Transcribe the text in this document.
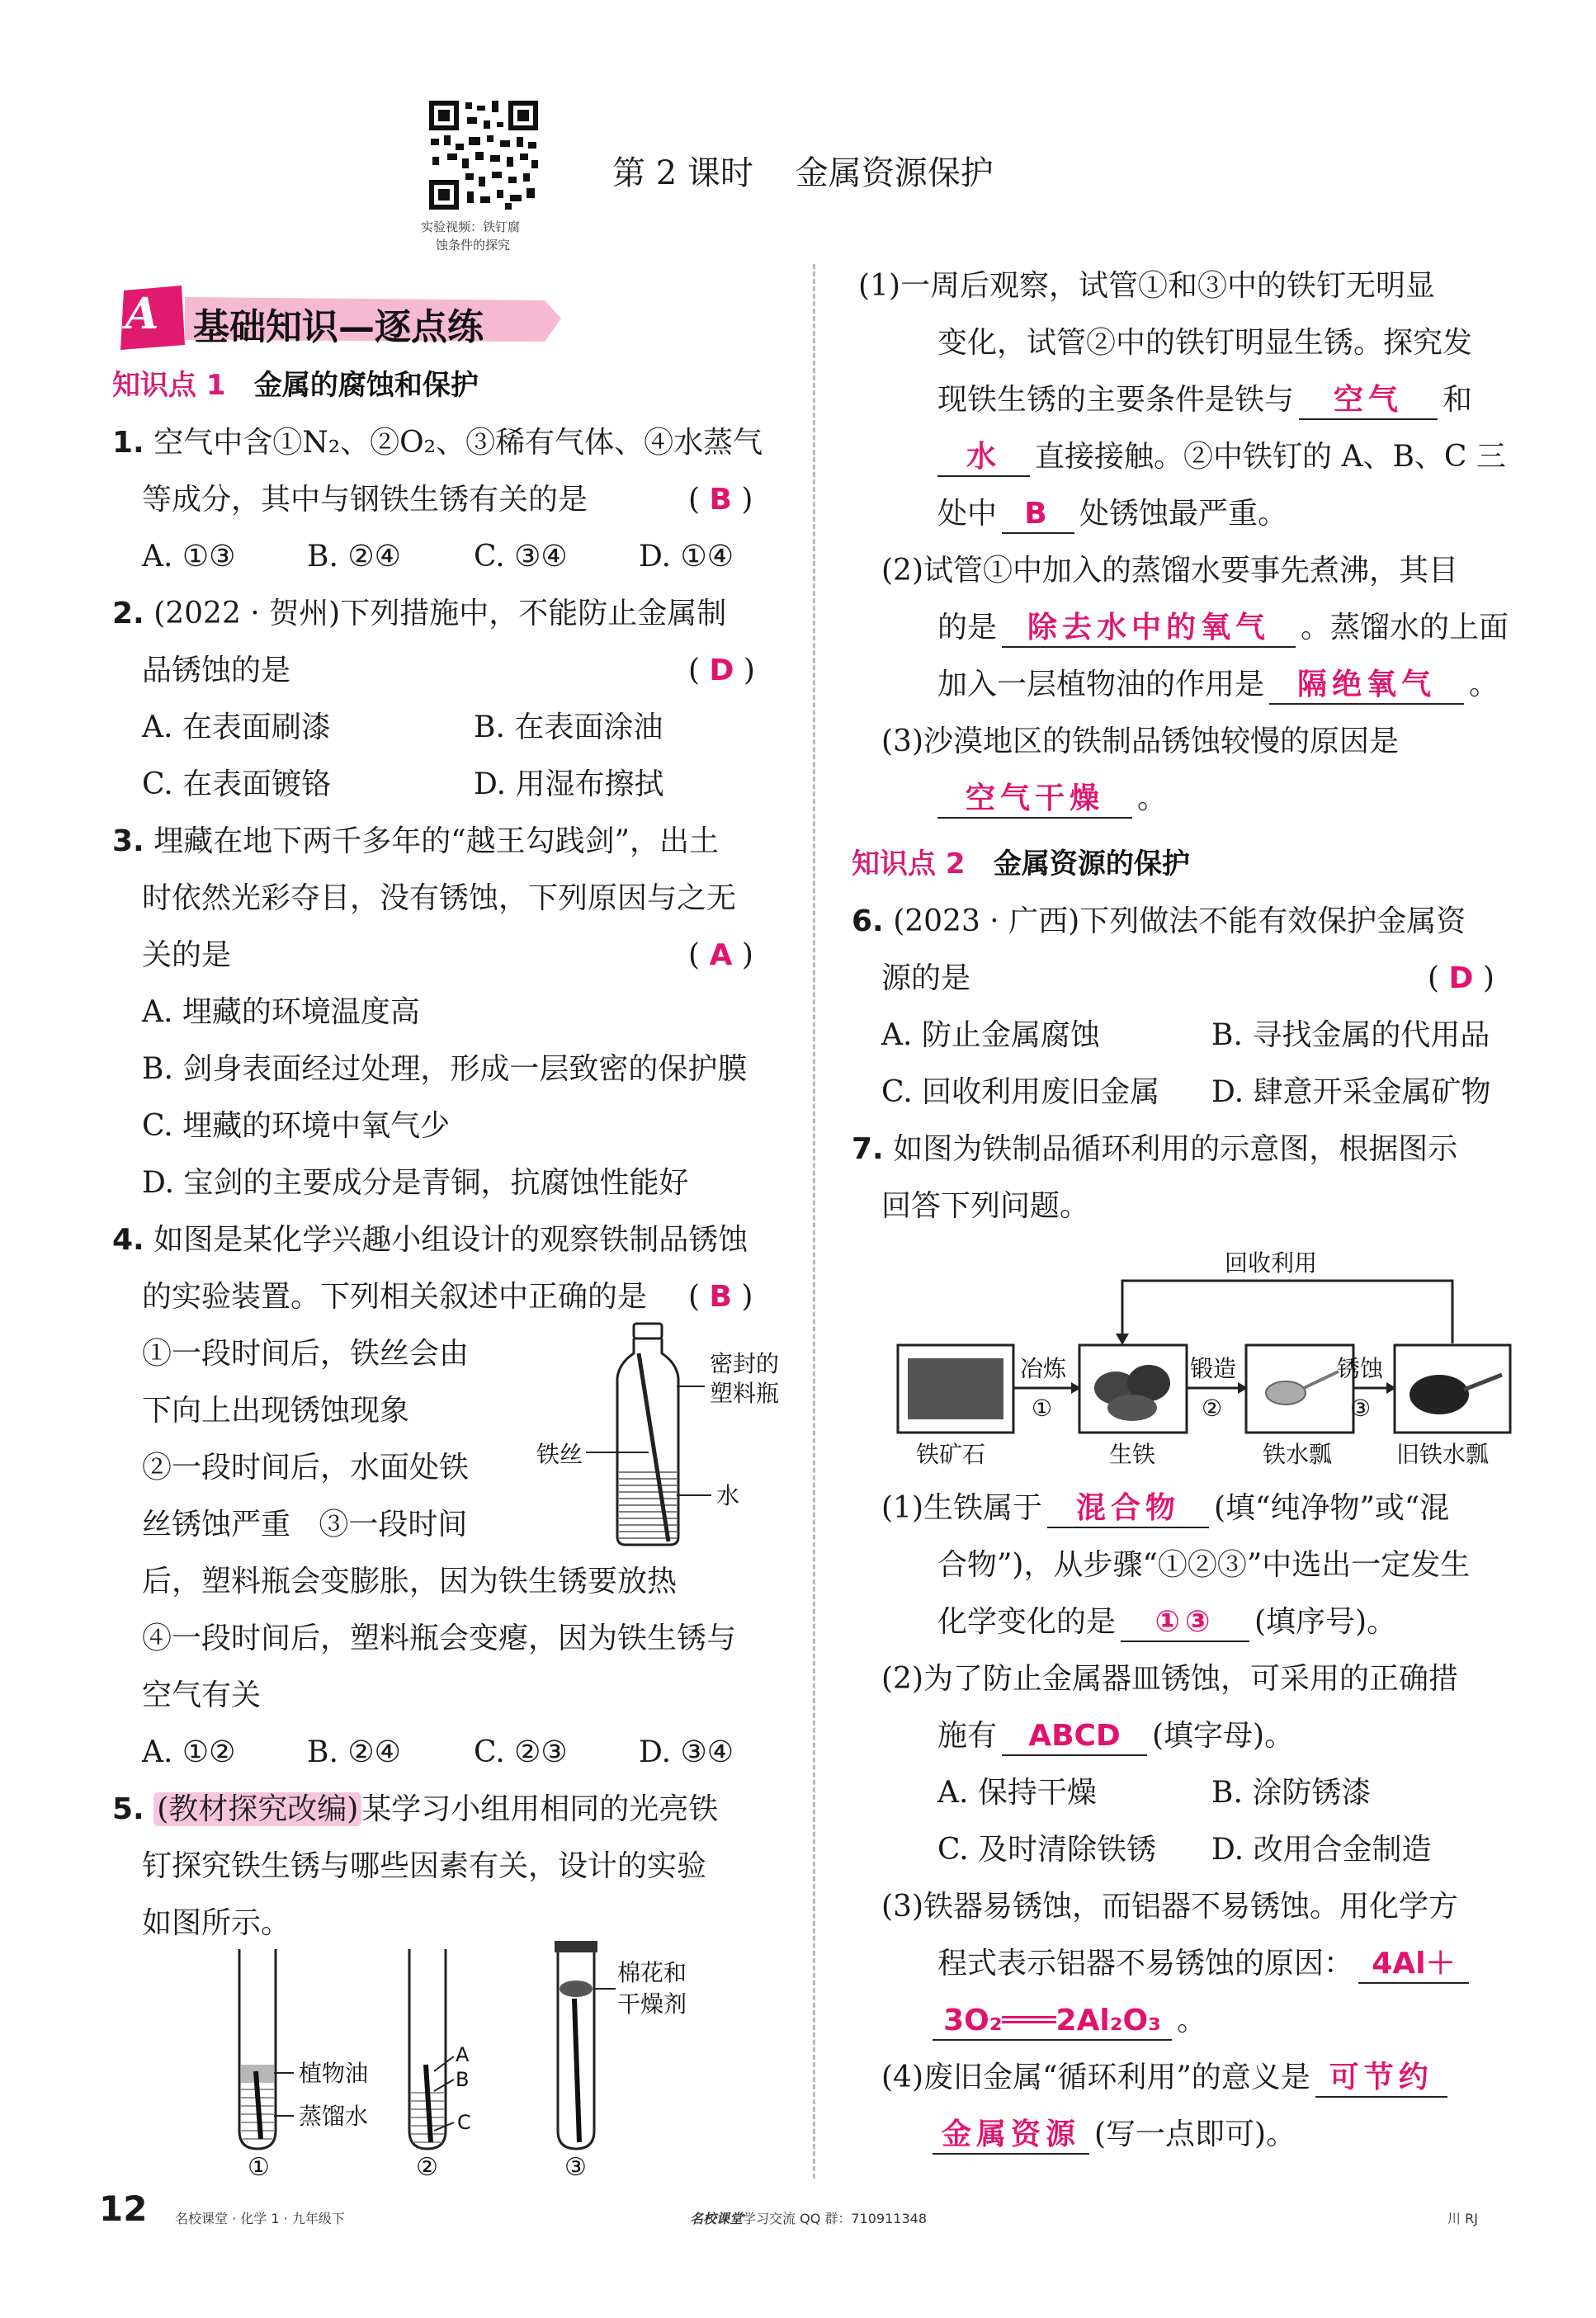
实验视频：铁钉腐
蚀条件的探究
第 2 课时    金属资源保护
A 基础知识—逐点练
知识点 1 金属的腐蚀和保护
1. 空气中含①N₂、②O₂、③稀有气体、④水蒸气
等成分，其中与钢铁生锈有关的是	( B )
A. ①③ B. ②④ C. ③④ D. ①④
2. (2022 · 贺州)下列措施中，不能防止金属制
品锈蚀的是	( D )
A. 在表面刷漆	B. 在表面涂油
C. 在表面镀铬	D. 用湿布擦拭
3. 埋藏在地下两千多年的“越王勾践剑”，出土
时依然光彩夺目，没有锈蚀，下列原因与之无
关的是	( A )
A. 埋藏的环境温度高
B. 剑身表面经过处理，形成一层致密的保护膜
C. 埋藏的环境中氧气少
D. 宝剑的主要成分是青铜，抗腐蚀性能好
4. 如图是某化学兴趣小组设计的观察铁制品锈蚀
的实验装置。下列相关叙述中正确的是 ( B )
①一段时间后，铁丝会由
下向上出现锈蚀现象
②一段时间后，水面处铁
丝锈蚀严重   ③一段时间
后，塑料瓶会变膨胀，因为铁生锈要放热
④一段时间后，塑料瓶会变瘪，因为铁生锈与
空气有关
A. ①② B. ②④ C. ②③ D. ③④
密封的
塑料瓶
铁丝
水
5. (教材探究改编) 某学习小组用相同的光亮铁
钉探究铁生锈与哪些因素有关，设计的实验
如图所示。
植物油
蒸馏水
①
A
B
C
②
棉花和
干燥剂
③
(1)一周后观察，试管①和③中的铁钉无明显
变化，试管②中的铁钉明显生锈。探究发
现铁生锈的主要条件是铁与 空气 和
水 直接接触。②中铁钉的 A、B、C 三
处中 B 处锈蚀最严重。
(2)试管①中加入的蒸馏水要事先煮沸，其目
的是 除去水中的氧气 。蒸馏水的上面
加入一层植物油的作用是 隔绝氧气 。
(3)沙漠地区的铁制品锈蚀较慢的原因是
空气干燥 。
知识点 2 金属资源的保护
6. (2023 · 广西)下列做法不能有效保护金属资
源的是	( D )
A. 防止金属腐蚀	B. 寻找金属的代用品
C. 回收利用废旧金属 D. 肆意开采金属矿物
7. 如图为铁制品循环利用的示意图，根据图示
回答下列问题。
回收利用
冶炼
①
锻造
②
锈蚀
③
铁矿石	生铁	铁水瓢	旧铁水瓢
(1)生铁属于 混合物 (填“纯净物”或“混
合物”)，从步骤“①②③”中选出一定发生
化学变化的是 ①③ (填序号)。
(2)为了防止金属器皿锈蚀，可采用的正确措
施有 ABCD (填字母)。
A. 保持干燥	B. 涂防锈漆
C. 及时清除铁锈 D. 改用合金制造
(3)铁器易锈蚀，而铝器不易锈蚀。用化学方
程式表示铝器不易锈蚀的原因： 4Al＋
3O₂═══2Al₂O₃ 。
(4)废旧金属“循环利用”的意义是 可节约
金属资源 (写一点即可)。
12 名校课堂 · 化学 1 · 九年级下	名校课堂学习交流 QQ 群：710911348	川 RJ
